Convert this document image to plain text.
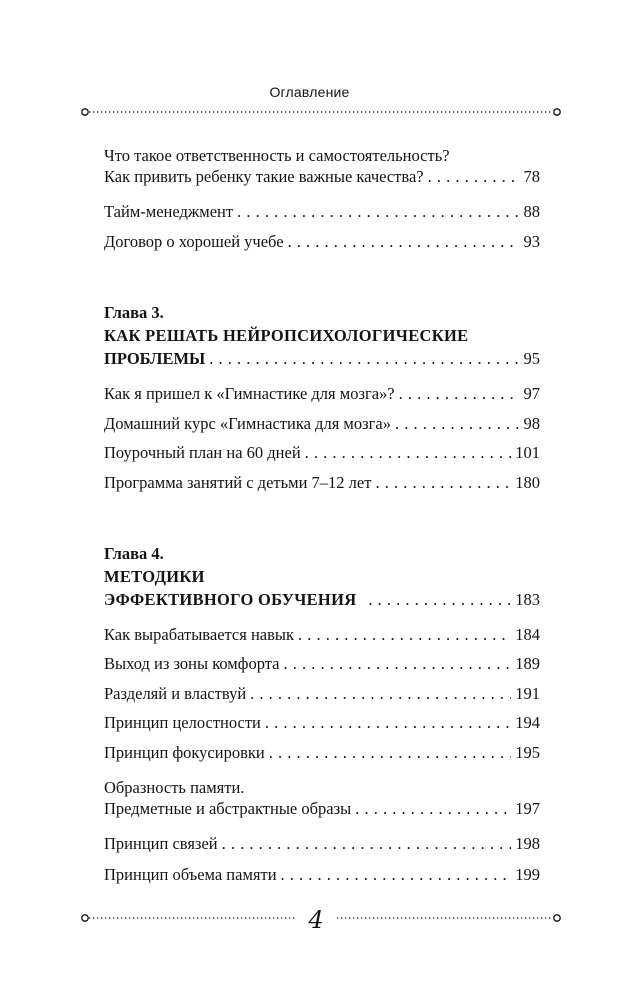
Оглавление
Что такое ответственность и самостоятельность?
Как привить ребенку такие важные качества? . . .	78
Тайм-менеджмент . . .	88
Договор о хорошей учебе . . .	93
Глава 3.
КАК РЕШАТЬ НЕЙРОПСИХОЛОГИЧЕСКИЕ
ПРОБЛЕМЫ . . .	95
Как я пришел к «Гимнастике для мозга»? . . .	97
Домашний курс «Гимнастика для мозга» . . .	98
Поурочный план на 60 дней . . .	101
Программа занятий с детьми 7–12 лет . . .	180
Глава 4.
МЕТОДИКИ
ЭФФЕКТИВНОГО ОБУЧЕНИЯ . . .	183
Как вырабатывается навык . . .	184
Выход из зоны комфорта . . .	189
Разделяй и властвуй . . .	191
Принцип целостности . . .	194
Принцип фокусировки . . .	195
Образность памяти.
Предметные и абстрактные образы . . .	197
Принцип связей . . .	198
Принцип объема памяти . . .	199
4
